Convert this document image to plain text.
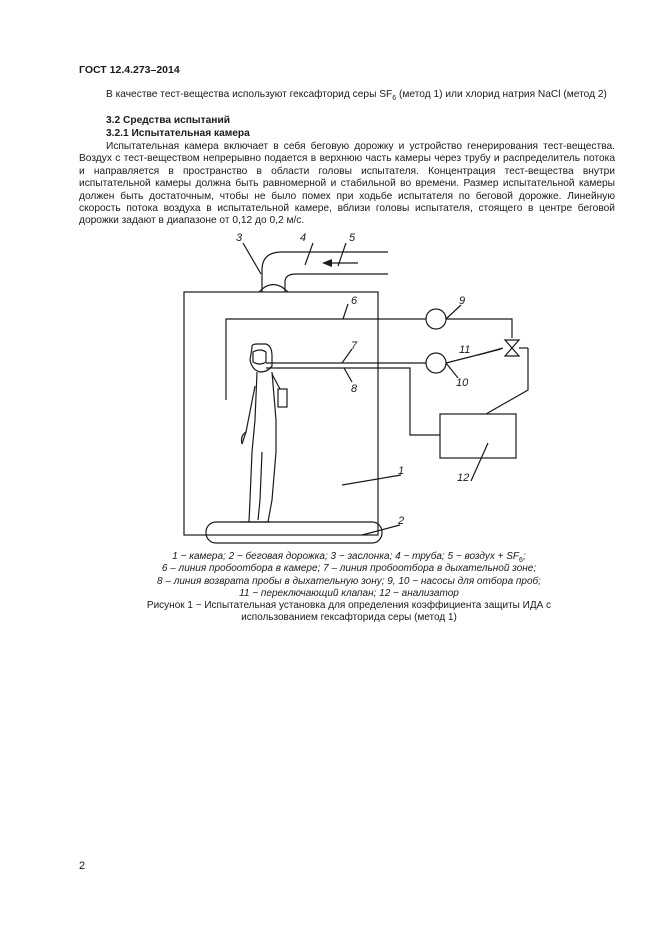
ГОСТ 12.4.273–2014
В качестве тест-вещества используют гексафторид серы $SF_6$ (метод 1) или хлорид натрия NaCl (метод 2)
3.2 Средства испытаний
3.2.1 Испытательная камера
Испытательная камера включает в себя беговую дорожку и устройство генерирования тест-вещества. Воздух с тест-веществом непрерывно подается в верхнюю часть камеры через трубу и распределитель потока и направляется в пространство в области головы испытателя. Концентрация тест-вещества внутри испытательной камеры должна быть равномерной и стабильной во времени. Размер испытательной камеры должен быть достаточным, чтобы не было помех при ходьбе испытателя по беговой дорожке. Линейную скорость потока воздуха в испытательной камере, вблизи головы испытателя, стоящего в центре беговой дорожки задают в диапазоне от 0,12 до 0,2 м/с.
3	4	5
6
7
8
9
10
11
1
2
12
1 − камера; 2 − беговая дорожка; 3 − заслонка; 4 − труба; 5 − воздух + $SF_6$;
6 – линия пробоотбора в камере; 7 – линия пробоотбора в дыхательной зоне;
8 – линия возврата пробы в дыхательную зону; 9, 10 − насосы для отбора проб;
11 − переключающий клапан; 12 − анализатор
Рисунок 1 − Испытательная установка для определения коэффициента защиты ИДА с
использованием гексафторида серы (метод 1)
2
